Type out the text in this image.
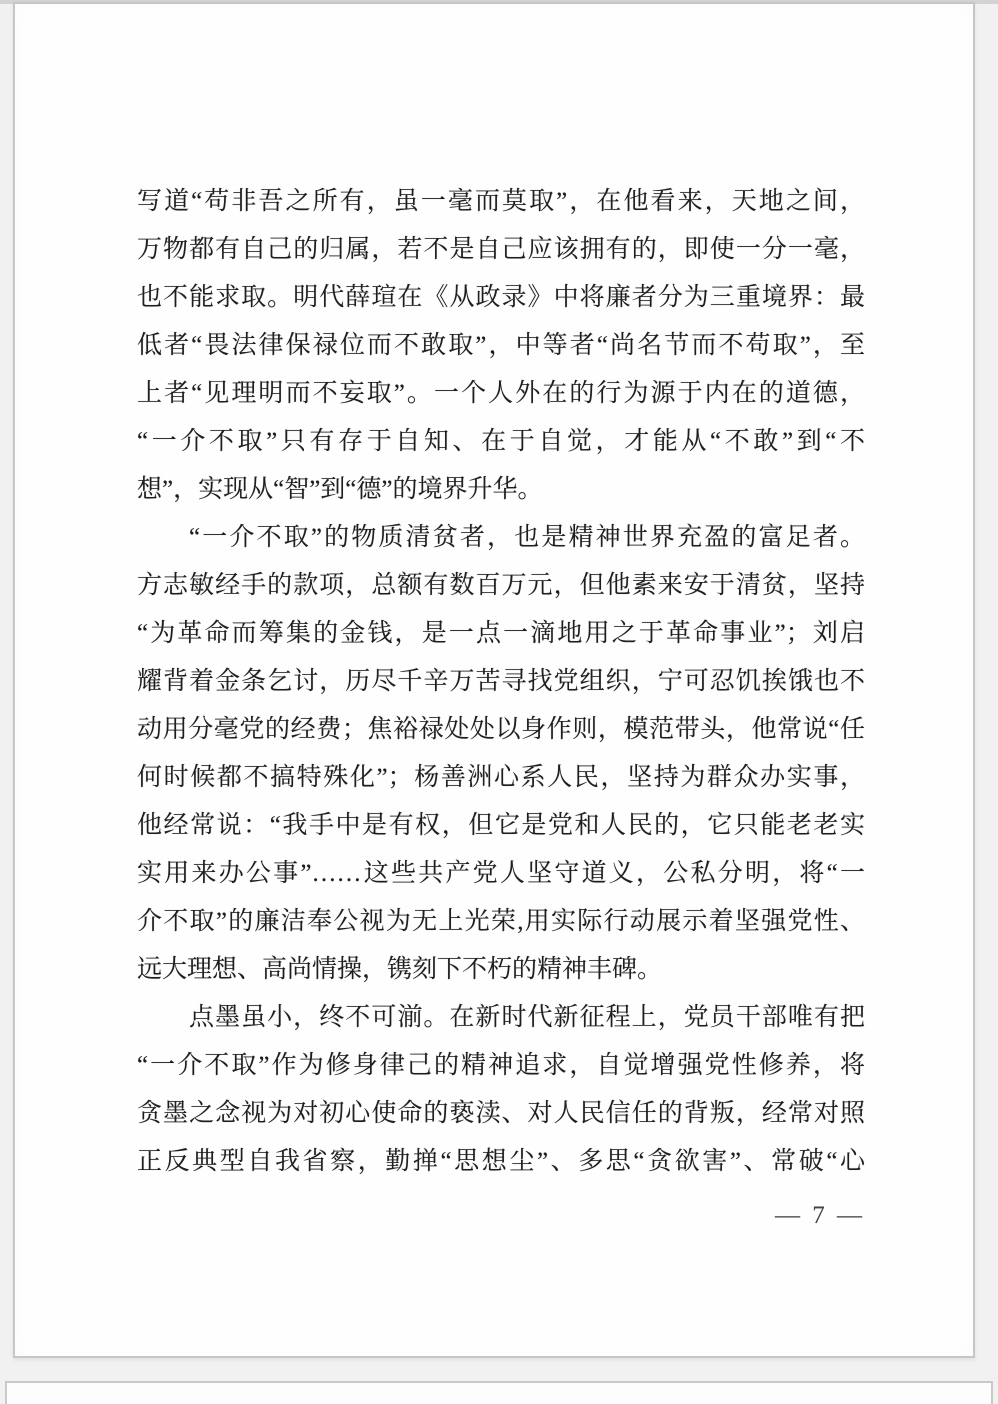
写道“苟非吾之所有，虽一毫而莫取”，在他看来，天地之间，
万物都有自己的归属，若不是自己应该拥有的，即使一分一毫，
也不能求取。明代薛瑄在《从政录》中将廉者分为三重境界：最
低者“畏法律保禄位而不敢取”，中等者“尚名节而不苟取”，至
上者“见理明而不妄取”。一个人外在的行为源于内在的道德，
“一介不取”只有存于自知、在于自觉，才能从“不敢”到“不
想”，实现从“智”到“德”的境界升华。
“一介不取”的物质清贫者，也是精神世界充盈的富足者。
方志敏经手的款项，总额有数百万元，但他素来安于清贫，坚持
“为革命而筹集的金钱，是一点一滴地用之于革命事业”；刘启
耀背着金条乞讨，历尽千辛万苦寻找党组织，宁可忍饥挨饿也不
动用分毫党的经费；焦裕禄处处以身作则，模范带头，他常说“任
何时候都不搞特殊化”；杨善洲心系人民，坚持为群众办实事，
他经常说：“我手中是有权，但它是党和人民的，它只能老老实
实用来办公事”……这些共产党人坚守道义，公私分明，将“一
介不取”的廉洁奉公视为无上光荣,用实际行动展示着坚强党性、
远大理想、高尚情操，镌刻下不朽的精神丰碑。
点墨虽小，终不可湔。在新时代新征程上，党员干部唯有把
“一介不取”作为修身律己的精神追求，自觉增强党性修养，将
贪墨之念视为对初心使命的亵渎、对人民信任的背叛，经常对照
正反典型自我省察，勤掸“思想尘”、多思“贪欲害”、常破“心
— 7 —
